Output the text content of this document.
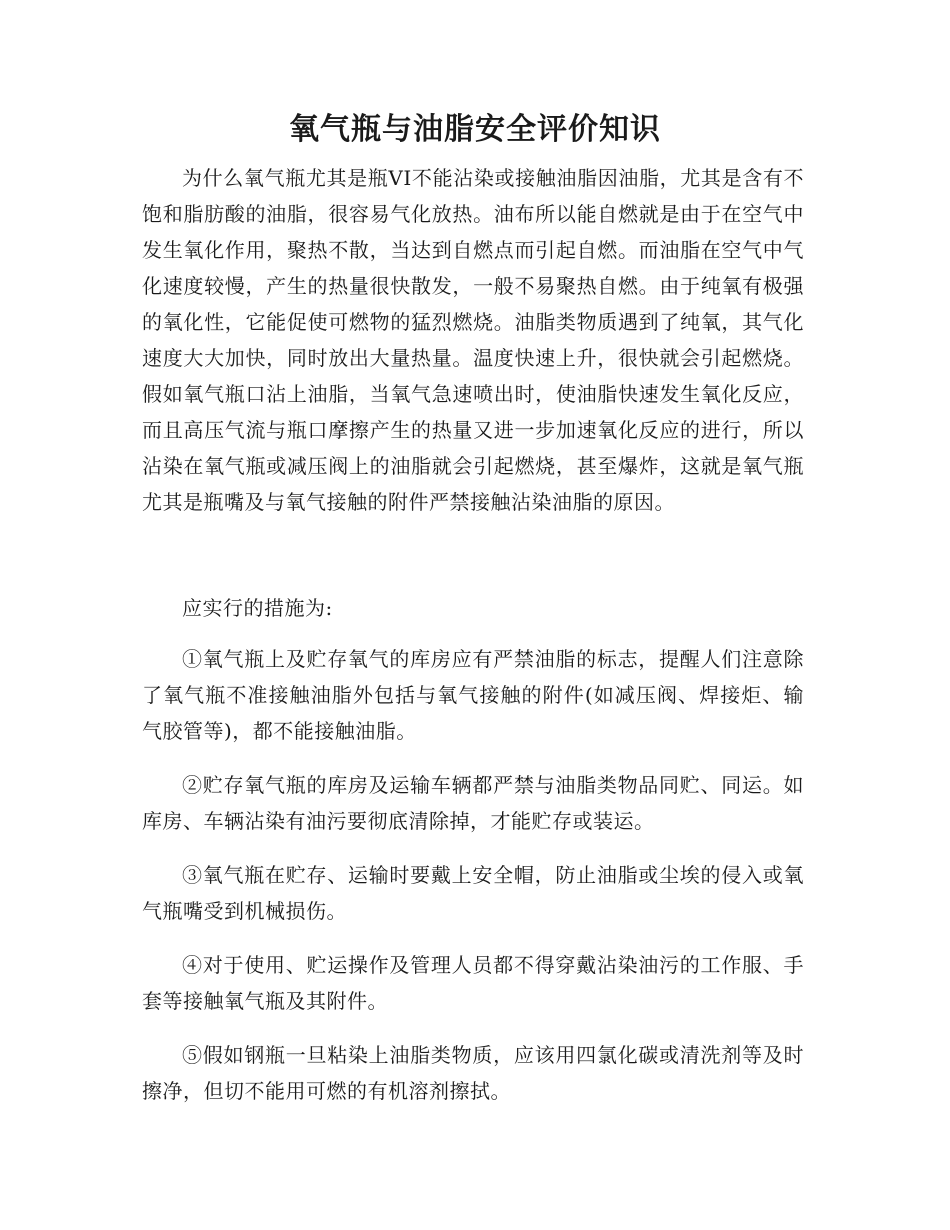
氧气瓶与油脂安全评价知识

为什么氧气瓶尤其是瓶VI不能沾染或接触油脂因油脂，尤其是含有不饱和脂肪酸的油脂，很容易气化放热。油布所以能自燃就是由于在空气中发生氧化作用，聚热不散，当达到自燃点而引起自燃。而油脂在空气中气化速度较慢，产生的热量很快散发，一般不易聚热自燃。由于纯氧有极强的氧化性，它能促使可燃物的猛烈燃烧。油脂类物质遇到了纯氧，其气化速度大大加快，同时放出大量热量。温度快速上升，很快就会引起燃烧。假如氧气瓶口沾上油脂，当氧气急速喷出时，使油脂快速发生氧化反应，而且高压气流与瓶口摩擦产生的热量又进一步加速氧化反应的进行，所以沾染在氧气瓶或减压阀上的油脂就会引起燃烧，甚至爆炸，这就是氧气瓶尤其是瓶嘴及与氧气接触的附件严禁接触沾染油脂的原因。

应实行的措施为:

①氧气瓶上及贮存氧气的库房应有严禁油脂的标志，提醒人们注意除了氧气瓶不准接触油脂外包括与氧气接触的附件(如减压阀、焊接炬、输气胶管等)，都不能接触油脂。

②贮存氧气瓶的库房及运输车辆都严禁与油脂类物品同贮、同运。如库房、车辆沾染有油污要彻底清除掉，才能贮存或装运。

③氧气瓶在贮存、运输时要戴上安全帽，防止油脂或尘埃的侵入或氧气瓶嘴受到机械损伤。

④对于使用、贮运操作及管理人员都不得穿戴沾染油污的工作服、手套等接触氧气瓶及其附件。

⑤假如钢瓶一旦粘染上油脂类物质，应该用四氯化碳或清洗剂等及时擦净，但切不能用可燃的有机溶剂擦拭。
